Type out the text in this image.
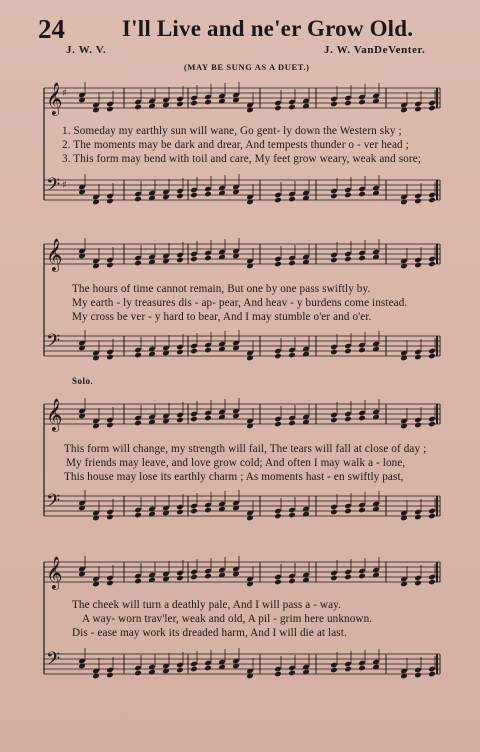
24 I'll Live and ne'er Grow Old.
J. W. V.	J. W. VanDeVenter.
(MAY BE SUNG AS A DUET.)
𝄞 ♯
𝄢 ♯
1. Someday my earthly sun will wane, Go gent- ly down the Western sky ;
2. The moments may be dark and drear, And tempests thunder o - ver head ;
3. This form may bend with toil and care, My feet grow weary, weak and sore;
𝄞
𝄢
The hours of time cannot remain, But one by one pass swiftly by.
My earth - ly treasures dis - ap- pear, And heav - y burdens come instead.
My cross be ver - y hard to bear, And I may stumble o'er and o'er.
Solo.
𝄞
𝄢
This form will change, my strength will fail, The tears will fall at close of day ;
My friends may leave, and love grow cold; And often I may walk a - lone,
This house may lose its earthly charm ; As moments hast - en swiftly past,
𝄞
𝄢
The cheek will turn a deathly pale, And I will pass a - way.
A way- worn trav'ler, weak and old, A pil - grim here unknown.
Dis - ease may work its dreaded harm, And I will die at last.
